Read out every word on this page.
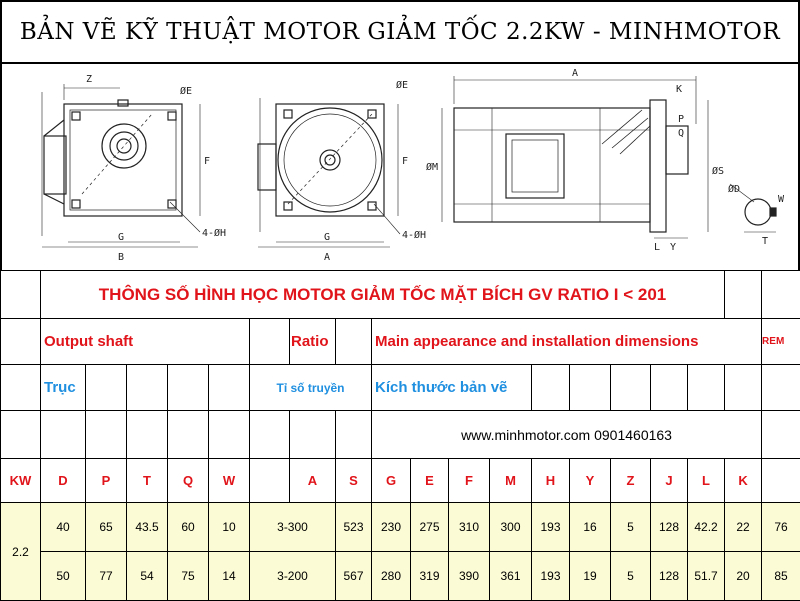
BẢN VẼ KỸ THUẬT MOTOR GIẢM TỐC 2.2KW - MINHMOTOR
Z
ØE
F
G
B
4-ØH
ØE
F
G
A
4-ØH
A
K
P
Q
ØM	ØS
L Y
ØD
W
T
	THÔNG SỐ HÌNH HỌC MOTOR GIẢM TỐC MẶT BÍCH GV RATIO I < 201																			
	Output shaft						Ratio		Main appearance and installation dimensions										REM	
	Trục					Tỉ số truyền			Kích thước bản vẽ											
									www.minhmotor.com 0901460163											
KW	D	P	T	Q	W		A	S	G	E	F	M	H	Y	Z	J	L	K		
2.2	40	65	43.5	60	10	3-300		523	230	275	310	300	193	16	5	128	42.2	22	76	
	50	77	54	75	14	3-200		567	280	319	390	361	193	19	5	128	51.7	20	85	
